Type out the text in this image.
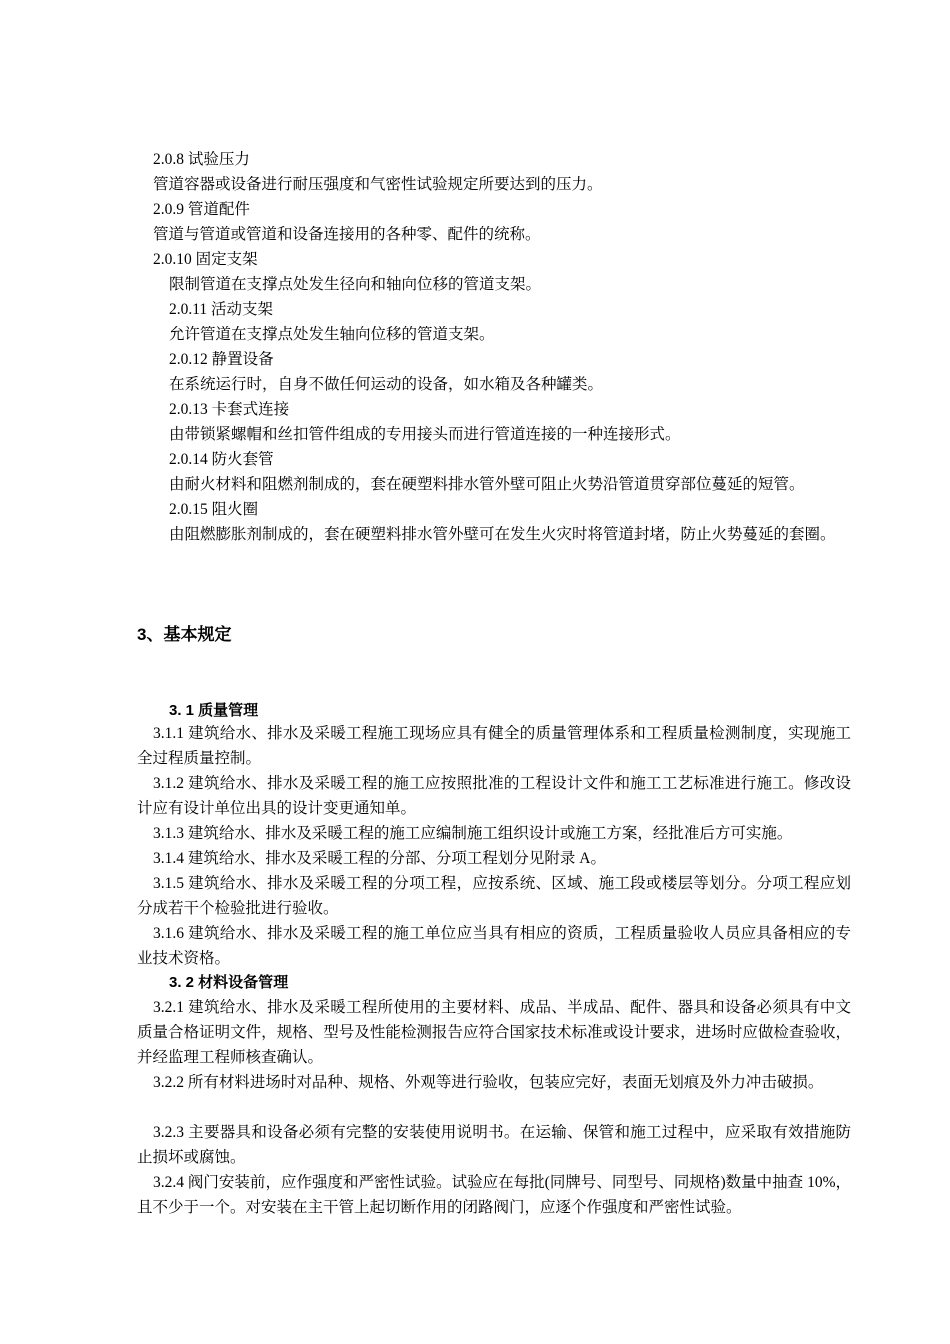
2.0.8 试验压力
管道容器或设备进行耐压强度和气密性试验规定所要达到的压力。
2.0.9 管道配件
管道与管道或管道和设备连接用的各种零、配件的统称。
2.0.10 固定支架
限制管道在支撑点处发生径向和轴向位移的管道支架。
2.0.11 活动支架
允许管道在支撑点处发生轴向位移的管道支架。
2.0.12 静置设备
在系统运行时，自身不做任何运动的设备，如水箱及各种罐类。
2.0.13 卡套式连接
由带锁紧螺帽和丝扣管件组成的专用接头而进行管道连接的一种连接形式。
2.0.14 防火套管
由耐火材料和阻燃剂制成的，套在硬塑料排水管外壁可阻止火势沿管道贯穿部位蔓延的短管。
2.0.15 阻火圈
由阻燃膨胀剂制成的，套在硬塑料排水管外壁可在发生火灾时将管道封堵，防止火势蔓延的套圈。
3、基本规定
3. 1 质量管理
3.1.1 建筑给水、排水及采暖工程施工现场应具有健全的质量管理体系和工程质量检测制度，实现施工全过程质量控制。
3.1.2 建筑给水、排水及采暖工程的施工应按照批准的工程设计文件和施工工艺标准进行施工。修改设计应有设计单位出具的设计变更通知单。
3.1.3 建筑给水、排水及采暖工程的施工应编制施工组织设计或施工方案，经批准后方可实施。
3.1.4 建筑给水、排水及采暖工程的分部、分项工程划分见附录 A。
3.1.5 建筑给水、排水及采暖工程的分项工程，应按系统、区域、施工段或楼层等划分。分项工程应划分成若干个检验批进行验收。
3.1.6 建筑给水、排水及采暖工程的施工单位应当具有相应的资质，工程质量验收人员应具备相应的专业技术资格。
3. 2 材料设备管理
3.2.1 建筑给水、排水及采暖工程所使用的主要材料、成品、半成品、配件、器具和设备必须具有中文质量合格证明文件，规格、型号及性能检测报告应符合国家技术标准或设计要求，进场时应做检查验收，并经监理工程师核查确认。
3.2.2 所有材料进场时对品种、规格、外观等进行验收，包装应完好，表面无划痕及外力冲击破损。
3.2.3 主要器具和设备必须有完整的安装使用说明书。在运输、保管和施工过程中，应采取有效措施防止损坏或腐蚀。
3.2.4 阀门安装前，应作强度和严密性试验。试验应在每批(同牌号、同型号、同规格)数量中抽查 10%，且不少于一个。对安装在主干管上起切断作用的闭路阀门，应逐个作强度和严密性试验。
